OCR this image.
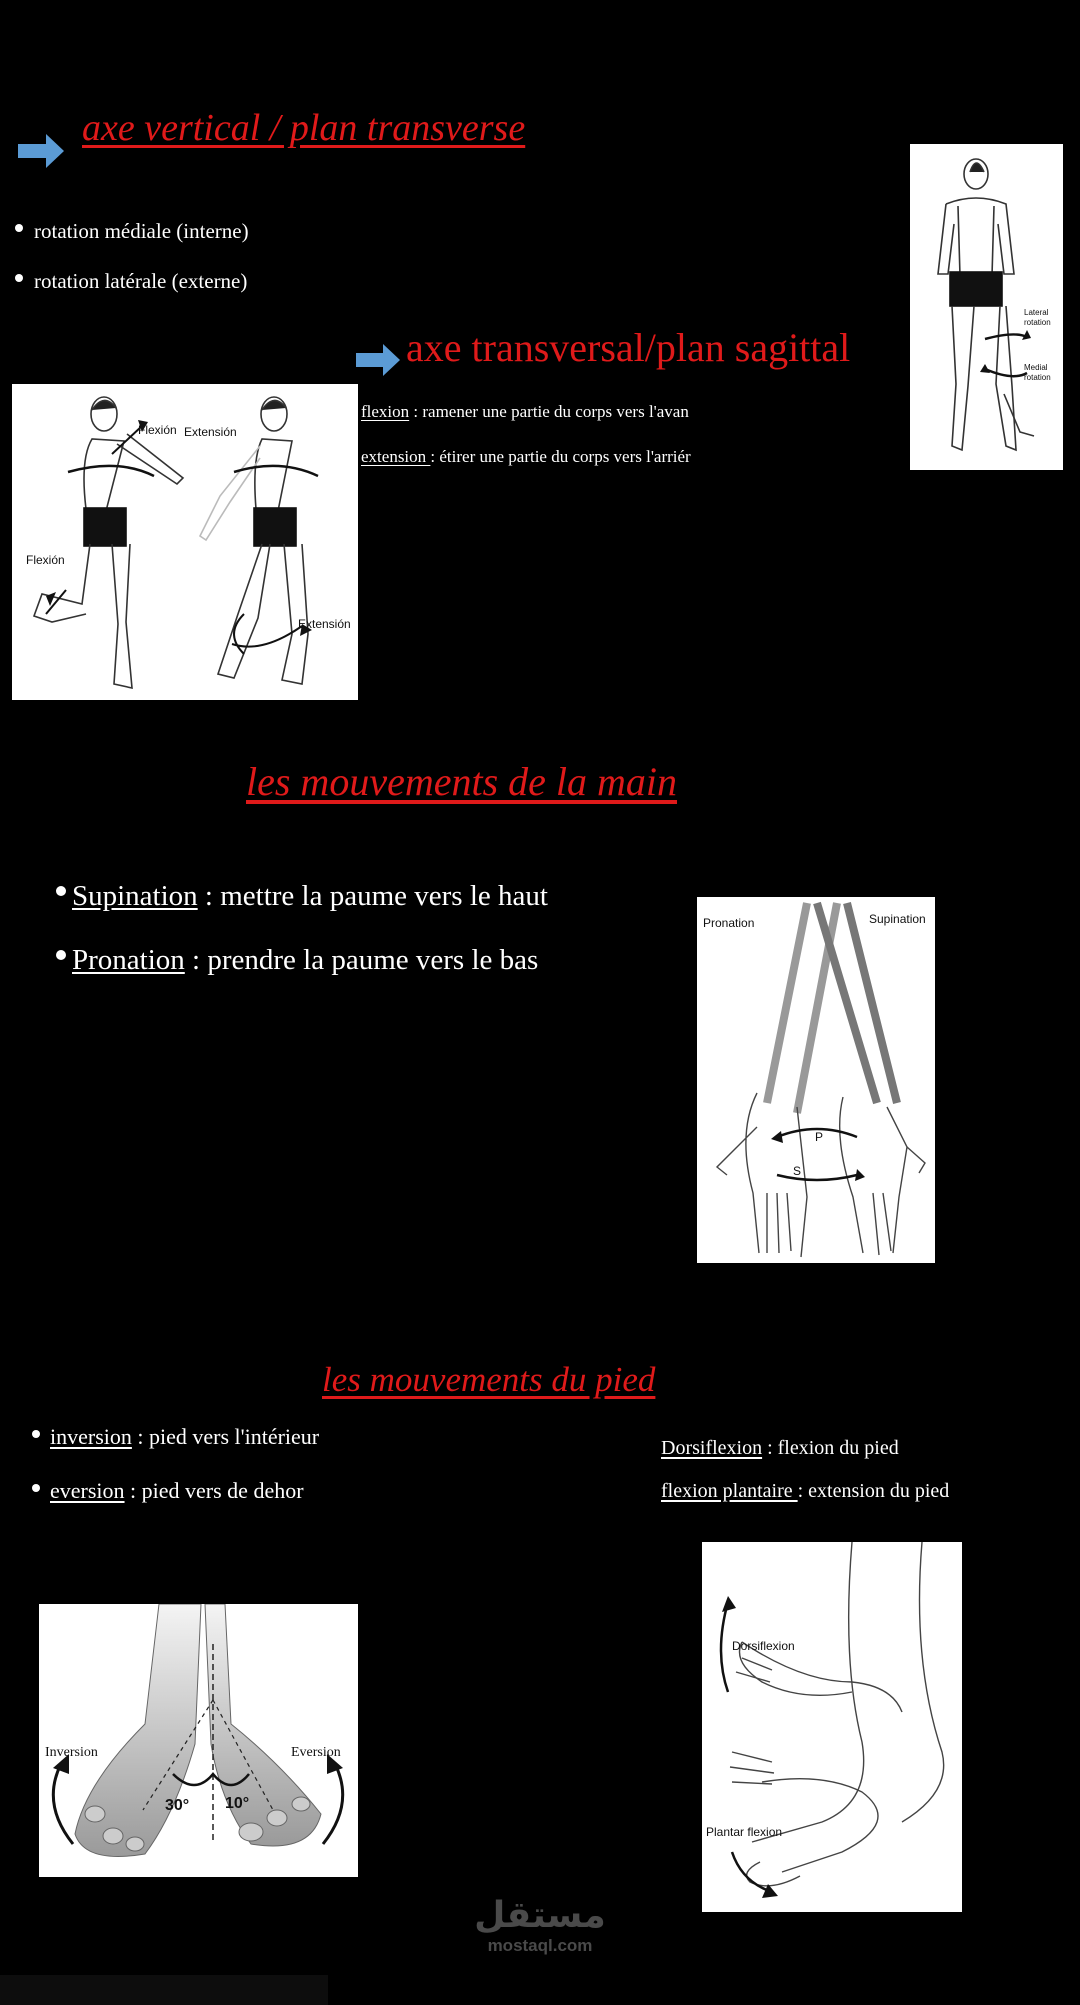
axe vertical / plan transverse
rotation médiale (interne)
rotation latérale (externe)
Lateral
rotation
Medial
rotation
axe transversal/plan sagittal
flexion : ramener une partie du corps vers l'avan
extension : étirer une partie du corps vers l'arriér
Flexión Extensión
Flexión
Extensión
les mouvements de la main
Supination : mettre la paume vers le haut
Pronation : prendre la paume vers le bas
Pronation	Supination
P
S
les mouvements du pied
inversion : pied vers l'intérieur
eversion : pied vers de dehor
Dorsiflexion : flexion du pied
flexion plantaire : extension du pied
Inversion	Eversion
30° 10°
Dorsiflexion
Plantar flexion
مستقل
mostaql.com
